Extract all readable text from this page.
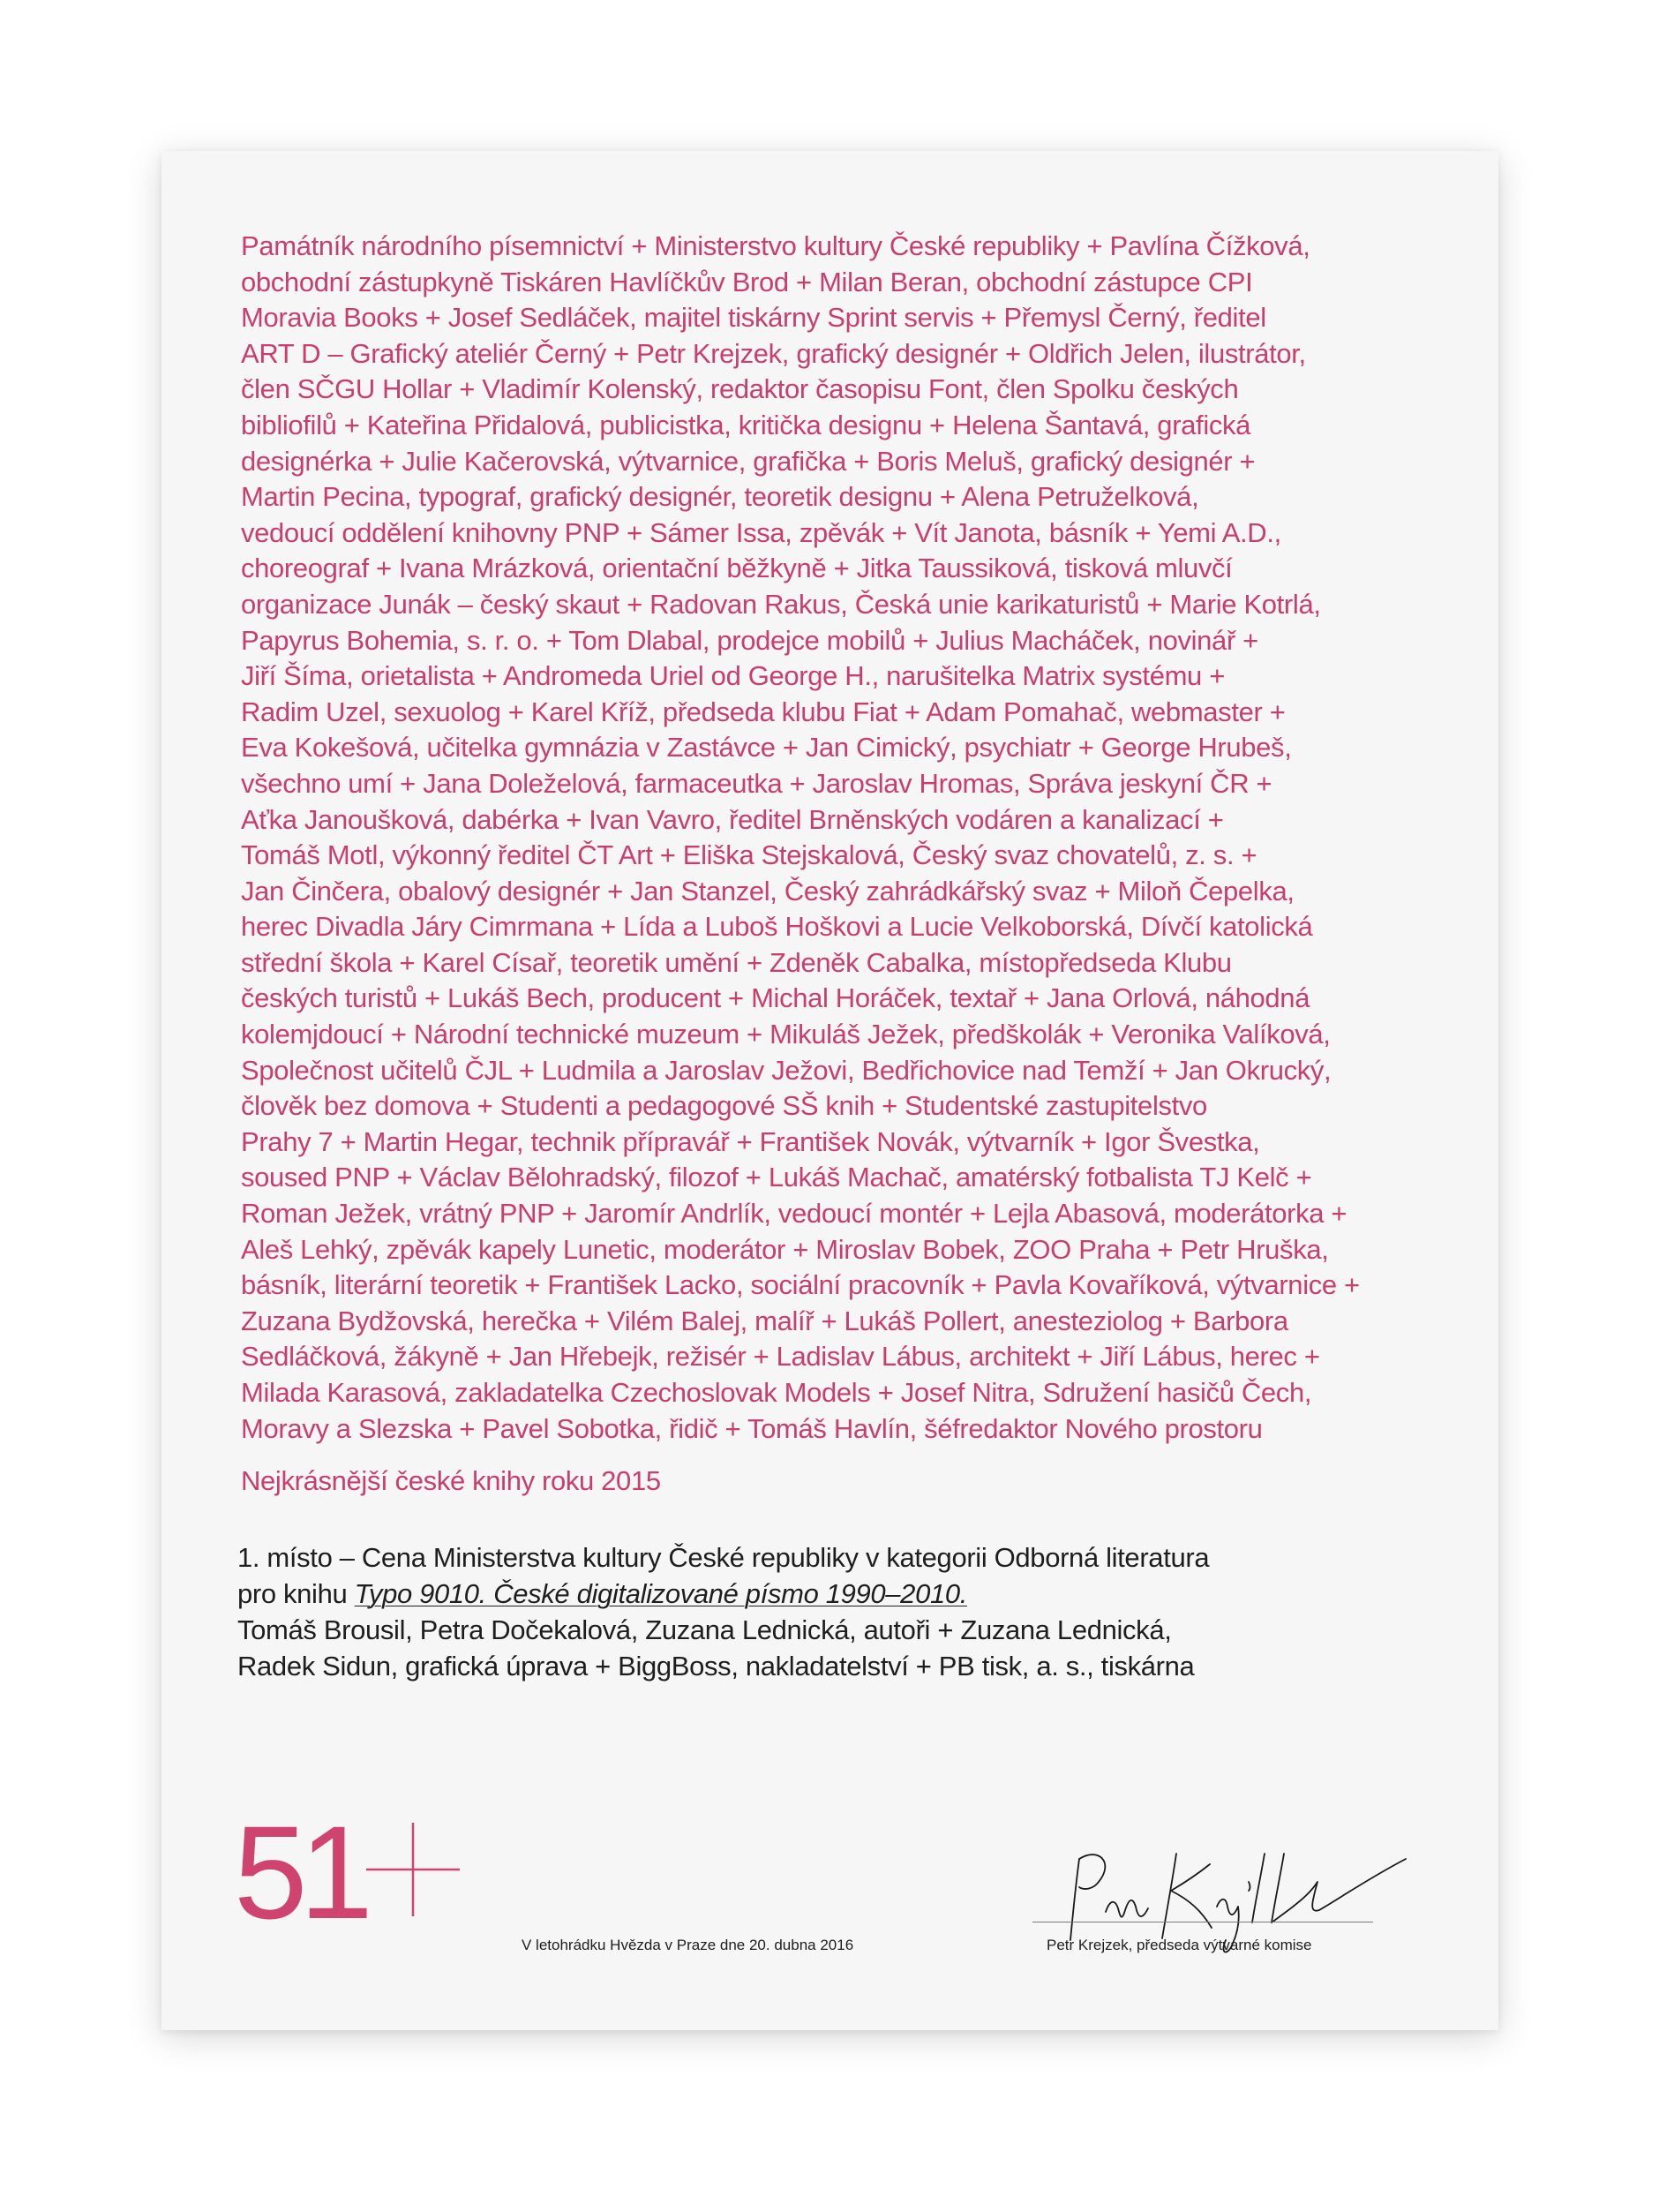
Památník národního písemnictví + Ministerstvo kultury České republiky + Pavlína Čížková,
obchodní zástupkyně Tiskáren Havlíčkův Brod + Milan Beran, obchodní zástupce CPI
Moravia Books + Josef Sedláček, majitel tiskárny Sprint servis + Přemysl Černý, ředitel
ART D – Grafický ateliér Černý + Petr Krejzek, grafický designér + Oldřich Jelen, ilustrátor,
člen SČGU Hollar + Vladimír Kolenský, redaktor časopisu Font, člen Spolku českých
bibliofilů + Kateřina Přidalová, publicistka, kritička designu + Helena Šantavá, grafická
designérka + Julie Kačerovská, výtvarnice, grafička + Boris Meluš, grafický designér +
Martin Pecina, typograf, grafický designér, teoretik designu + Alena Petruželková,
vedoucí oddělení knihovny PNP + Sámer Issa, zpěvák + Vít Janota, básník + Yemi A.D.,
choreograf + Ivana Mrázková, orientační běžkyně + Jitka Taussiková, tisková mluvčí
organizace Junák – český skaut + Radovan Rakus, Česká unie karikaturistů + Marie Kotrlá,
Papyrus Bohemia, s. r. o. + Tom Dlabal, prodejce mobilů + Julius Macháček, novinář +
Jiří Šíma, orietalista + Andromeda Uriel od George H., narušitelka Matrix systému +
Radim Uzel, sexuolog + Karel Kříž, předseda klubu Fiat + Adam Pomahač, webmaster +
Eva Kokešová, učitelka gymnázia v Zastávce + Jan Cimický, psychiatr + George Hrubeš,
všechno umí + Jana Doleželová, farmaceutka + Jaroslav Hromas, Správa jeskyní ČR +
Aťka Janoušková, dabérka + Ivan Vavro, ředitel Brněnských vodáren a kanalizací +
Tomáš Motl, výkonný ředitel ČT Art + Eliška Stejskalová, Český svaz chovatelů, z. s. +
Jan Činčera, obalový designér + Jan Stanzel, Český zahrádkářský svaz + Miloň Čepelka,
herec Divadla Járy Cimrmana + Lída a Luboš Hoškovi a Lucie Velkoborská, Dívčí katolická
střední škola + Karel Císař, teoretik umění + Zdeněk Cabalka, místopředseda Klubu
českých turistů + Lukáš Bech, producent + Michal Horáček, textař + Jana Orlová, náhodná
kolemjdoucí + Národní technické muzeum + Mikuláš Ježek, předškolák + Veronika Valíková,
Společnost učitelů ČJL + Ludmila a Jaroslav Ježovi, Bedřichovice nad Temží + Jan Okrucký,
člověk bez domova + Studenti a pedagogové SŠ knih + Studentské zastupitelstvo
Prahy 7 + Martin Hegar, technik přípravář + František Novák, výtvarník + Igor Švestka,
soused PNP + Václav Bělohradský, filozof + Lukáš Machač, amatérský fotbalista TJ Kelč +
Roman Ježek, vrátný PNP + Jaromír Andrlík, vedoucí montér + Lejla Abasová, moderátorka +
Aleš Lehký, zpěvák kapely Lunetic, moderátor + Miroslav Bobek, ZOO Praha + Petr Hruška,
básník, literární teoretik + František Lacko, sociální pracovník + Pavla Kovaříková, výtvarnice +
Zuzana Bydžovská, herečka + Vilém Balej, malíř + Lukáš Pollert, anesteziolog + Barbora
Sedláčková, žákyně + Jan Hřebejk, režisér + Ladislav Lábus, architekt + Jiří Lábus, herec +
Milada Karasová, zakladatelka Czechoslovak Models + Josef Nitra, Sdružení hasičů Čech,
Moravy a Slezska + Pavel Sobotka, řidič + Tomáš Havlín, šéfredaktor Nového prostoru
Nejkrásnější české knihy roku 2015
1. místo – Cena Ministerstva kultury České republiky v kategorii Odborná literatura
pro knihu Typo 9010. České digitalizované písmo 1990–2010.
Tomáš Brousil, Petra Dočekalová, Zuzana Lednická, autoři + Zuzana Lednická,
Radek Sidun, grafická úprava + BiggBoss, nakladatelství + PB tisk, a. s., tiskárna
51	V letohrádku Hvězda v Praze dne 20. dubna 2016	Petr Krejzek, předseda výtvarné komise
